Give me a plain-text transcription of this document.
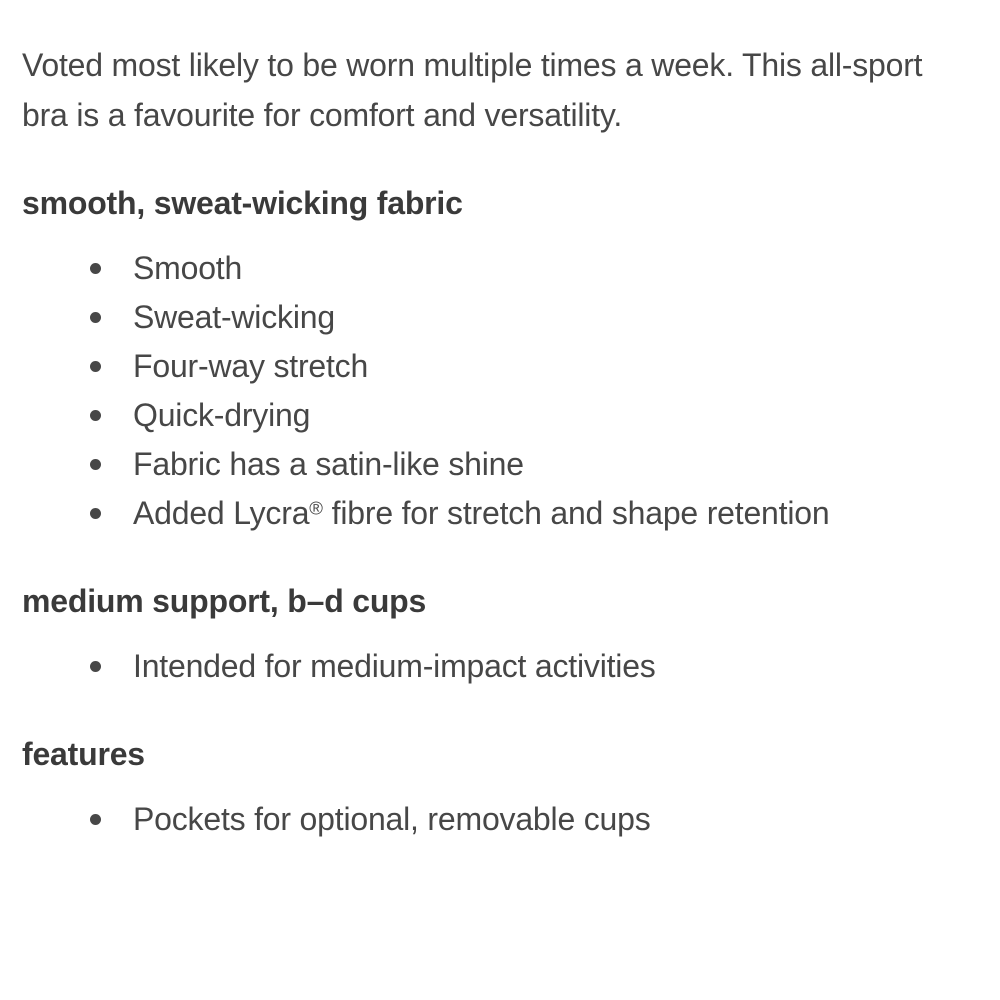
Voted most likely to be worn multiple times a week. This all-sport
bra is a favourite for comfort and versatility.
smooth, sweat-wicking fabric
Smooth
Sweat-wicking
Four-way stretch
Quick-drying
Fabric has a satin-like shine
Added Lycra® fibre for stretch and shape retention
medium support, b–d cups
Intended for medium-impact activities
features
Pockets for optional, removable cups
